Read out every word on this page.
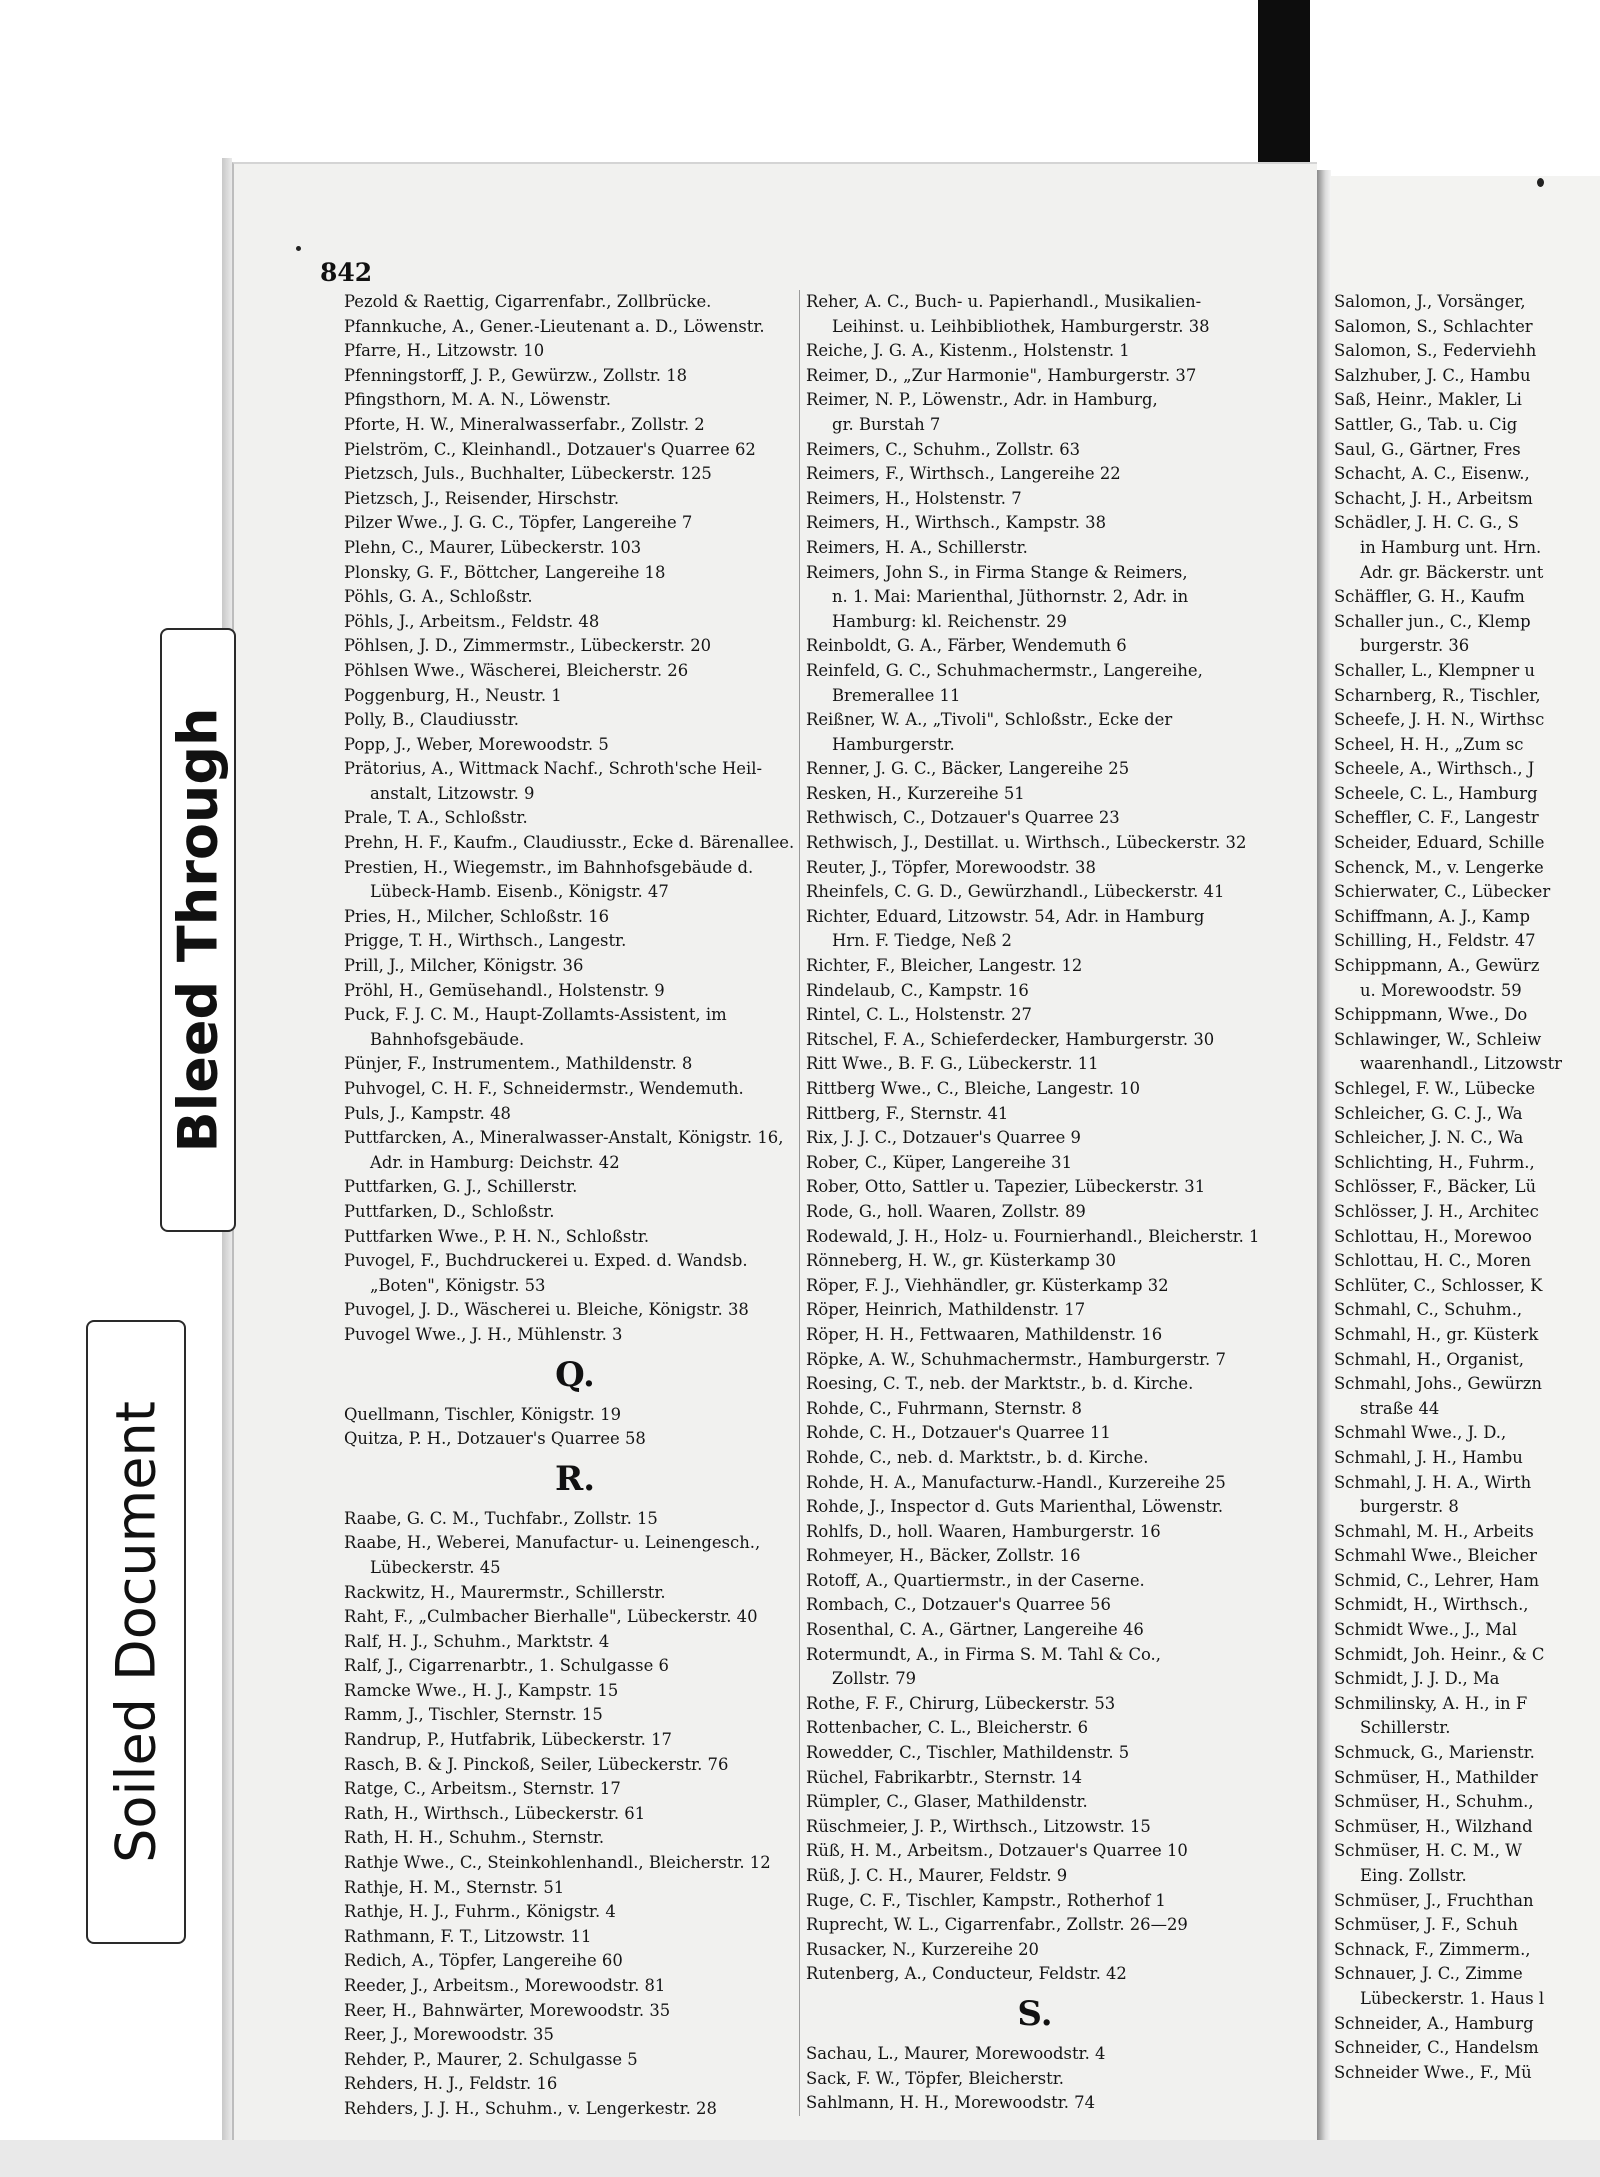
842
Pezold & Raettig, Cigarrenfabr., Zollbrücke.
Pfannkuche, A., Gener.-Lieutenant a. D., Löwenstr.
Pfarre, H., Litzowstr. 10
Pfenningstorff, J. P., Gewürzw., Zollstr. 18
Pfingsthorn, M. A. N., Löwenstr.
Pforte, H. W., Mineralwasserfabr., Zollstr. 2
Pielström, C., Kleinhandl., Dotzauer's Quarree 62
Pietzsch, Juls., Buchhalter, Lübeckerstr. 125
Pietzsch, J., Reisender, Hirschstr.
Pilzer Wwe., J. G. C., Töpfer, Langereihe 7
Plehn, C., Maurer, Lübeckerstr. 103
Plonsky, G. F., Böttcher, Langereihe 18
Pöhls, G. A., Schloßstr.
Pöhls, J., Arbeitsm., Feldstr. 48
Pöhlsen, J. D., Zimmermstr., Lübeckerstr. 20
Pöhlsen Wwe., Wäscherei, Bleicherstr. 26
Poggenburg, H., Neustr. 1
Polly, B., Claudiusstr.
Popp, J., Weber, Morewoodstr. 5
Prätorius, A., Wittmack Nachf., Schroth'sche Heil-
anstalt, Litzowstr. 9
Prale, T. A., Schloßstr.
Prehn, H. F., Kaufm., Claudiusstr., Ecke d. Bärenallee.
Prestien, H., Wiegemstr., im Bahnhofsgebäude d.
Lübeck-Hamb. Eisenb., Königstr. 47
Pries, H., Milcher, Schloßstr. 16
Prigge, T. H., Wirthsch., Langestr.
Prill, J., Milcher, Königstr. 36
Pröhl, H., Gemüsehandl., Holstenstr. 9
Puck, F. J. C. M., Haupt-Zollamts-Assistent, im
Bahnhofsgebäude.
Pünjer, F., Instrumentem., Mathildenstr. 8
Puhvogel, C. H. F., Schneidermstr., Wendemuth.
Puls, J., Kampstr. 48
Puttfarcken, A., Mineralwasser-Anstalt, Königstr. 16,
Adr. in Hamburg: Deichstr. 42
Puttfarken, G. J., Schillerstr.
Puttfarken, D., Schloßstr.
Puttfarken Wwe., P. H. N., Schloßstr.
Puvogel, F., Buchdruckerei u. Exped. d. Wandsb.
„Boten", Königstr. 53
Puvogel, J. D., Wäscherei u. Bleiche, Königstr. 38
Puvogel Wwe., J. H., Mühlenstr. 3
Q.
Quellmann, Tischler, Königstr. 19
Quitza, P. H., Dotzauer's Quarree 58
R.
Raabe, G. C. M., Tuchfabr., Zollstr. 15
Raabe, H., Weberei, Manufactur- u. Leinengesch.,
Lübeckerstr. 45
Rackwitz, H., Maurermstr., Schillerstr.
Raht, F., „Culmbacher Bierhalle", Lübeckerstr. 40
Ralf, H. J., Schuhm., Marktstr. 4
Ralf, J., Cigarrenarbtr., 1. Schulgasse 6
Ramcke Wwe., H. J., Kampstr. 15
Ramm, J., Tischler, Sternstr. 15
Randrup, P., Hutfabrik, Lübeckerstr. 17
Rasch, B. & J. Pinckoß, Seiler, Lübeckerstr. 76
Ratge, C., Arbeitsm., Sternstr. 17
Rath, H., Wirthsch., Lübeckerstr. 61
Rath, H. H., Schuhm., Sternstr.
Rathje Wwe., C., Steinkohlenhandl., Bleicherstr. 12
Rathje, H. M., Sternstr. 51
Rathje, H. J., Fuhrm., Königstr. 4
Rathmann, F. T., Litzowstr. 11
Redich, A., Töpfer, Langereihe 60
Reeder, J., Arbeitsm., Morewoodstr. 81
Reer, H., Bahnwärter, Morewoodstr. 35
Reer, J., Morewoodstr. 35
Rehder, P., Maurer, 2. Schulgasse 5
Rehders, H. J., Feldstr. 16
Rehders, J. J. H., Schuhm., v. Lengerkestr. 28
Reher, A. C., Buch- u. Papierhandl., Musikalien-
Leihinst. u. Leihbibliothek, Hamburgerstr. 38
Reiche, J. G. A., Kistenm., Holstenstr. 1
Reimer, D., „Zur Harmonie", Hamburgerstr. 37
Reimer, N. P., Löwenstr., Adr. in Hamburg,
gr. Burstah 7
Reimers, C., Schuhm., Zollstr. 63
Reimers, F., Wirthsch., Langereihe 22
Reimers, H., Holstenstr. 7
Reimers, H., Wirthsch., Kampstr. 38
Reimers, H. A., Schillerstr.
Reimers, John S., in Firma Stange & Reimers,
n. 1. Mai: Marienthal, Jüthornstr. 2, Adr. in
Hamburg: kl. Reichenstr. 29
Reinboldt, G. A., Färber, Wendemuth 6
Reinfeld, G. C., Schuhmachermstr., Langereihe,
Bremerallee 11
Reißner, W. A., „Tivoli", Schloßstr., Ecke der
Hamburgerstr.
Renner, J. G. C., Bäcker, Langereihe 25
Resken, H., Kurzereihe 51
Rethwisch, C., Dotzauer's Quarree 23
Rethwisch, J., Destillat. u. Wirthsch., Lübeckerstr. 32
Reuter, J., Töpfer, Morewoodstr. 38
Rheinfels, C. G. D., Gewürzhandl., Lübeckerstr. 41
Richter, Eduard, Litzowstr. 54, Adr. in Hamburg
Hrn. F. Tiedge, Neß 2
Richter, F., Bleicher, Langestr. 12
Rindelaub, C., Kampstr. 16
Rintel, C. L., Holstenstr. 27
Ritschel, F. A., Schieferdecker, Hamburgerstr. 30
Ritt Wwe., B. F. G., Lübeckerstr. 11
Rittberg Wwe., C., Bleiche, Langestr. 10
Rittberg, F., Sternstr. 41
Rix, J. J. C., Dotzauer's Quarree 9
Rober, C., Küper, Langereihe 31
Rober, Otto, Sattler u. Tapezier, Lübeckerstr. 31
Rode, G., holl. Waaren, Zollstr. 89
Rodewald, J. H., Holz- u. Fournierhandl., Bleicherstr. 1
Rönneberg, H. W., gr. Küsterkamp 30
Röper, F. J., Viehhändler, gr. Küsterkamp 32
Röper, Heinrich, Mathildenstr. 17
Röper, H. H., Fettwaaren, Mathildenstr. 16
Röpke, A. W., Schuhmachermstr., Hamburgerstr. 7
Roesing, C. T., neb. der Marktstr., b. d. Kirche.
Rohde, C., Fuhrmann, Sternstr. 8
Rohde, C. H., Dotzauer's Quarree 11
Rohde, C., neb. d. Marktstr., b. d. Kirche.
Rohde, H. A., Manufacturw.-Handl., Kurzereihe 25
Rohde, J., Inspector d. Guts Marienthal, Löwenstr.
Rohlfs, D., holl. Waaren, Hamburgerstr. 16
Rohmeyer, H., Bäcker, Zollstr. 16
Rotoff, A., Quartiermstr., in der Caserne.
Rombach, C., Dotzauer's Quarree 56
Rosenthal, C. A., Gärtner, Langereihe 46
Rotermundt, A., in Firma S. M. Tahl & Co.,
Zollstr. 79
Rothe, F. F., Chirurg, Lübeckerstr. 53
Rottenbacher, C. L., Bleicherstr. 6
Rowedder, C., Tischler, Mathildenstr. 5
Rüchel, Fabrikarbtr., Sternstr. 14
Rümpler, C., Glaser, Mathildenstr.
Rüschmeier, J. P., Wirthsch., Litzowstr. 15
Rüß, H. M., Arbeitsm., Dotzauer's Quarree 10
Rüß, J. C. H., Maurer, Feldstr. 9
Ruge, C. F., Tischler, Kampstr., Rotherhof 1
Ruprecht, W. L., Cigarrenfabr., Zollstr. 26—29
Rusacker, N., Kurzereihe 20
Rutenberg, A., Conducteur, Feldstr. 42
S.
Sachau, L., Maurer, Morewoodstr. 4
Sack, F. W., Töpfer, Bleicherstr.
Sahlmann, H. H., Morewoodstr. 74
Salomon, J., Vorsänger,
Salomon, S., Schlachter
Salomon, S., Federviehh
Salzhuber, J. C., Hambu
Saß, Heinr., Makler, Li
Sattler, G., Tab. u. Cig
Saul, G., Gärtner, Fres
Schacht, A. C., Eisenw.,
Schacht, J. H., Arbeitsm
Schädler, J. H. C. G., S
in Hamburg unt. Hrn.
Adr. gr. Bäckerstr. unt
Schäffler, G. H., Kaufm
Schaller jun., C., Klemp
burgerstr. 36
Schaller, L., Klempner u
Scharnberg, R., Tischler,
Scheefe, J. H. N., Wirthsc
Scheel, H. H., „Zum sc
Scheele, A., Wirthsch., J
Scheele, C. L., Hamburg
Scheffler, C. F., Langestr
Scheider, Eduard, Schille
Schenck, M., v. Lengerke
Schierwater, C., Lübecker
Schiffmann, A. J., Kamp
Schilling, H., Feldstr. 47
Schippmann, A., Gewürz
u. Morewoodstr. 59
Schippmann, Wwe., Do
Schlawinger, W., Schleiw
waarenhandl., Litzowstr
Schlegel, F. W., Lübecke
Schleicher, G. C. J., Wa
Schleicher, J. N. C., Wa
Schlichting, H., Fuhrm.,
Schlösser, F., Bäcker, Lü
Schlösser, J. H., Architec
Schlottau, H., Morewoo
Schlottau, H. C., Moren
Schlüter, C., Schlosser, K
Schmahl, C., Schuhm.,
Schmahl, H., gr. Küsterk
Schmahl, H., Organist,
Schmahl, Johs., Gewürzn
straße 44
Schmahl Wwe., J. D.,
Schmahl, J. H., Hambu
Schmahl, J. H. A., Wirth
burgerstr. 8
Schmahl, M. H., Arbeits
Schmahl Wwe., Bleicher
Schmid, C., Lehrer, Ham
Schmidt, H., Wirthsch.,
Schmidt Wwe., J., Mal
Schmidt, Joh. Heinr., & C
Schmidt, J. J. D., Ma
Schmilinsky, A. H., in F
Schillerstr.
Schmuck, G., Marienstr.
Schmüser, H., Mathilder
Schmüser, H., Schuhm.,
Schmüser, H., Wilzhand
Schmüser, H. C. M., W
Eing. Zollstr.
Schmüser, J., Fruchthan
Schmüser, J. F., Schuh
Schnack, F., Zimmerm.,
Schnauer, J. C., Zimme
Lübeckerstr. 1. Haus l
Schneider, A., Hamburg
Schneider, C., Handelsm
Schneider Wwe., F., Mü
Bleed Through
Soiled Document
